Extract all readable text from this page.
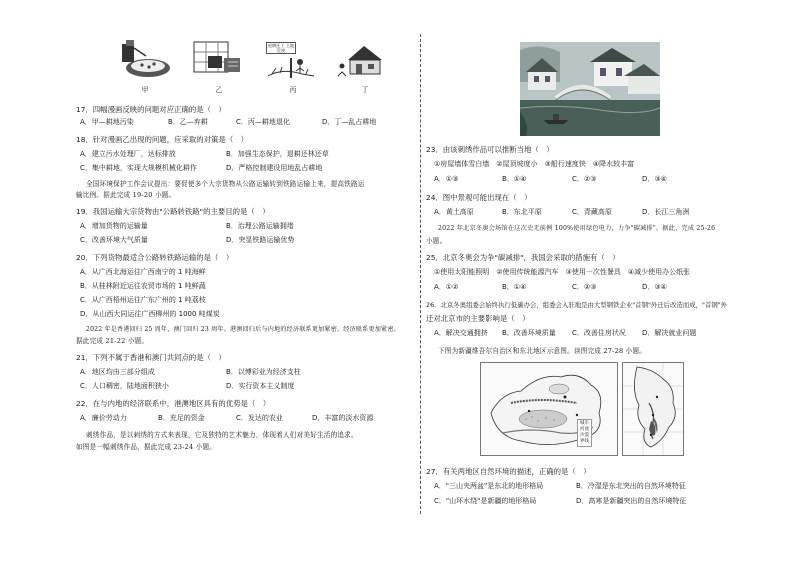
退耕还工 土地荒废
甲	乙	丙	丁
17．四幅漫画反映的问题对应正确的是（　）
A．甲—耕地污染	B．乙—弃耕	C．丙—耕地退化	D．丁—乱占耕地
18．针对漫画乙出现的问题，应采取的对策是（　）
A．建立污水处理厂，达标排放	B．加强生态保护，退耕还林还草
C．集中耕地，实现大规模机械化耕作	D．严格控制建设用地乱占耕地
全国环境保护工作会议提出：要促使多个大宗货物从公路运输转到铁路运输上来，提高铁路运
输比例。据此完成 19-20 小题。
19．我国运输大宗货物由"公路转铁路"的主要目的是（　）
A．增加货物的运输量	B．治理公路运输拥堵
C．改善环境大气质量	D．突显铁路运输优势
20．下列货物最适合公路转铁路运输的是（　）
A．从广西北海运往广西南宁的 1 吨海鲜
B．从桂林附近运往农贸市场的 1 吨鲜蔬
C．从广西梧州运往广东广州的 1 吨荔枝
D．从山西大同运往广西柳州的 1000 吨煤炭
2022 年是香港回归 25 周年，澳门回归 23 周年。港澳回归后与内地的经济联系更加紧密，经济联系更加紧密。
据此完成 21-22 小题。
21．下列不属于香港和澳门共同点的是（　）
A．地区均由三部分组成	B．以博彩业为经济支柱
C．人口稠密，陆地面积狭小	D．实行资本主义制度
22．在与内地的经济联系中，港澳地区具有的优势是（　）
A．廉价劳动力	B．充足的资金	C．发达的农业	D．丰富的淡水资源
刺绣作品，是以刺绣的方式来表现，它及独特的艺术魅力，体现着人们对美好生活的追求。
如图是一幅刺绣作品，据此完成 23-24 小题。
23．由该刺绣作品可以推断当地（　）
①房屋墙体雪白墙　②屋顶坡度小　③船行速度快　④降水较丰富
A．①③	B．①④	C．②③	D．③④
24．图中景观可能出现在（　）
A．黄土高原	B．东北平原	C．青藏高原	D．长江三角洲
2022 年北京冬奥会场馆在这次史无前例 100%使用绿色电力，力争"碳减排"。据此，完成 25-26
小题。
25．北京冬奥会为争"碳减排"，我国会采取的措施有（　）
①使用太阳能照明　②使用传统能源汽车　③使用一次性餐具　④减少使用办公纸张
A．①②	B．①④	C．②③	D．③④
26．北京冬奥组委会始终执行低碳办会，组委会入驻地是由大型钢铁企业"首钢"外迁后改造而成，"首钢"外
迁对北京市的主要影响是（　）
A．解决交通拥挤 B．改善环境质量 C．改善住房状况 D．解决就业问题
下图为新疆维吾尔自治区和东北地区示意图。读图完成 27-28 小题。
城市
河流
沙漠
界线
27．有关两地区自然环境的描述，正确的是（　）
A．"三山夹两盆"是东北的地形格局	B．冷湿是东北突出的自然环境特征
C．"山环水绕"是新疆的地形格局	D．高寒是新疆突出的自然环境特征
